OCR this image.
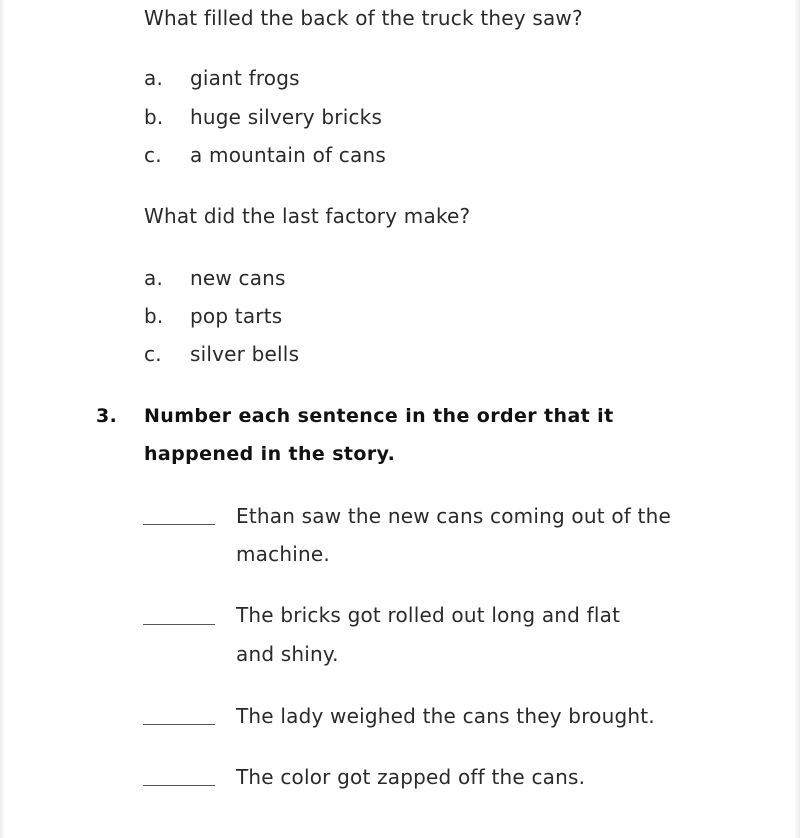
What filled the back of the truck they saw?
a. giant frogs
b. huge silvery bricks
c. a mountain of cans
What did the last factory make?
a. new cans
b. pop tarts
c. silver bells
3. Number each sentence in the order that it
happened in the story.
Ethan saw the new cans coming out of the
machine.
The bricks got rolled out long and flat
and shiny.
The lady weighed the cans they brought.
The color got zapped off the cans.
